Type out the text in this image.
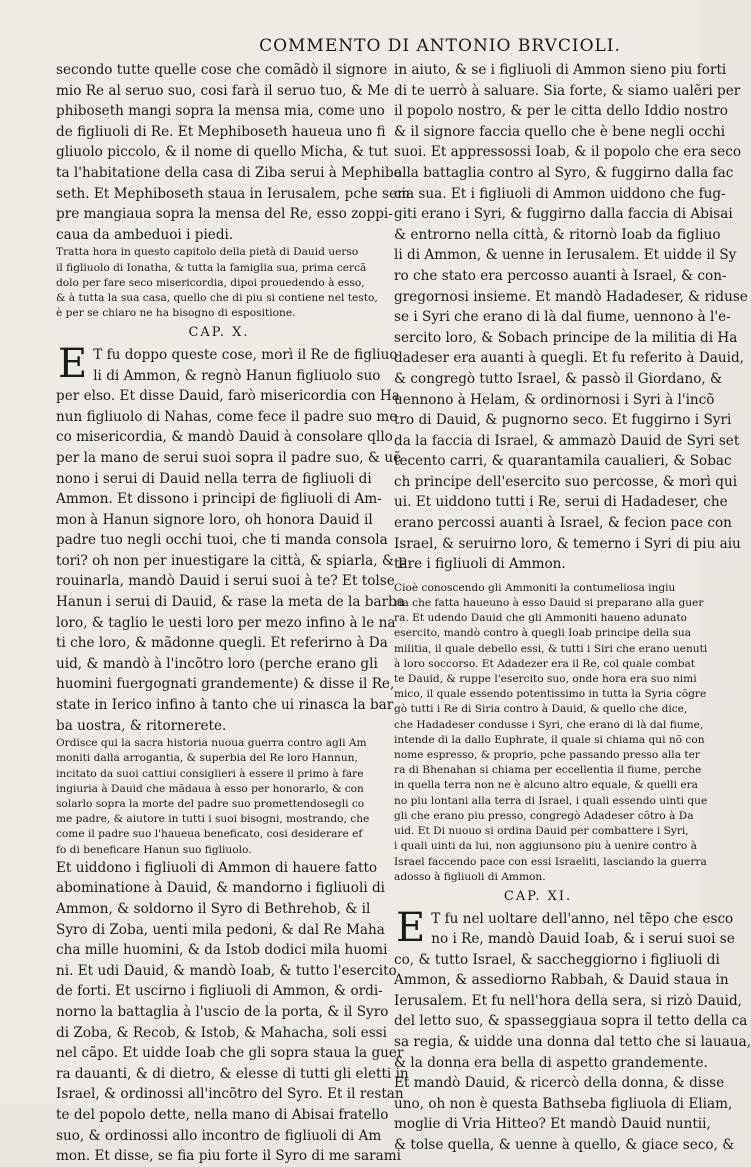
COMMENTO DI ANTONIO BRVCIOLI.
secondo tutte quelle cose che comãdò il signore
mio Re al seruo suo, cosi farà il seruo tuo, & Me
phiboseth mangi sopra la mensa mia, come uno
de figliuoli di Re. Et Mephiboseth haueua uno fi
gliuolo piccolo, & il nome di quello Micha, & tut
ta l'habitatione della casa di Ziba serui à Mephibo
seth. Et Mephiboseth staua in Ierusalem, pche sem
pre mangiaua sopra la mensa del Re, esso zoppi-
caua da ambeduoi i piedi.
Tratta hora in questo capitolo della pietà di Dauid uerso
il figliuolo di Ionatha, & tutta la famiglia sua, prima cercã
dolo per fare seco misericordia, dipoi prouedendo à esso,
& à tutta la sua casa, quello che di piu si contiene nel testo,
è per se chiaro ne ha bisogno di espositione.
CAP. X.
E T fu doppo queste cose, morì il Re de figliuo
li di Ammon, & regnò Hanun figliuolo suo
per elso. Et disse Dauid, farò misericordia con Ha
nun figliuolo di Nahas, come fece il padre suo me
co misericordia, & mandò Dauid à consolare qllo
per la mano de serui suoi sopra il padre suo, & uẽ
nono i serui di Dauid nella terra de figliuoli di
Ammon. Et dissono i principi de figliuoli di Am-
mon à Hanun signore loro, oh honora Dauid il
padre tuo negli occhi tuoi, che ti manda consola
tori? oh non per inuestigare la città, & spiarla, & p
rouinarla, mandò Dauid i serui suoi à te? Et tolse
Hanun i serui di Dauid, & rase la meta de la barba
loro, & taglio le uesti loro per mezo infino à le na
ti che loro, & mãdonne quegli. Et referirno à Da
uid, & mandò à l'incõtro loro (perche erano gli
huomini fuergognati grandemente) & disse il Re,
state in Ierico infino à tanto che ui rinasca la bar
ba uostra, & ritornerete.
Ordisce qui la sacra historia nuoua guerra contro agli Am
moniti dalla arrogantia, & superbia del Re loro Hannun,
incitato da suoi cattiui consiglieri à essere il primo à fare
ingiuria à Dauid che mãdaua à esso per honorarlo, & con
solarlo sopra la morte del padre suo promettendosegli co
me padre, & aiutore in tutti i suoi bisogni, mostrando, che
come il padre suo l'haueua beneficato, cosi desiderare ef
fo di beneficare Hanun suo figliuolo.
Et uiddono i figliuoli di Ammon di hauere fatto
abominatione à Dauid, & mandorno i figliuoli di
Ammon, & soldorno il Syro di Bethrehob, & il
Syro di Zoba, uenti mila pedoni, & dal Re Maha
cha mille huomini, & da Istob dodici mila huomi
ni. Et udi Dauid, & mandò Ioab, & tutto l'esercito
de forti. Et uscirno i figliuoli di Ammon, & ordi-
norno la battaglia à l'uscio de la porta, & il Syro
di Zoba, & Recob, & Istob, & Mahacha, soli essi
nel cãpo. Et uidde Ioab che gli sopra staua la guer
ra dauanti, & di dietro, & elesse di tutti gli eletti in
Israel, & ordinossi all'incõtro del Syro. Et il restan
te del popolo dette, nella mano di Abisai fratello
suo, & ordinossi allo incontro de figliuoli di Am
mon. Et disse, se fia piu forte il Syro di me sarami
in aiuto, & se i figliuoli di Ammon sieno piu forti
di te uerrò à saluare. Sia forte, & siamo ualẽri per
il popolo nostro, & per le citta dello Iddio nostro
& il signore faccia quello che è bene negli occhi
suoi. Et appressossi Ioab, & il popolo che era seco
alla battaglia contro al Syro, & fuggirno dalla fac
cia sua. Et i figliuoli di Ammon uiddono che fug-
giti erano i Syri, & fuggirno dalla faccia di Abisai
& entrorno nella città, & ritornò Ioab da figliuo
li di Ammon, & uenne in Ierusalem. Et uidde il Sy
ro che stato era percosso auanti à Israel, & con-
gregornosi insieme. Et mandò Hadadeser, & riduse
se i Syri che erano di là dal fiume, uennono à l'e-
sercito loro, & Sobach principe de la militia di Ha
dadeser era auanti à quegli. Et fu referito à Dauid,
& congregò tutto Israel, & passò il Giordano, &
uennono à Helam, & ordinornosi i Syri à l'incõ
tro di Dauid, & pugnorno seco. Et fuggirno i Syri
da la faccia di Israel, & ammazò Dauid de Syri set
tecento carri, & quarantamila caualieri, & Sobac
ch principe dell'esercito suo percosse, & morì qui
ui. Et uiddono tutti i Re, serui di Hadadeser, che
erano percossi auanti à Israel, & fecion pace con
Israel, & seruirno loro, & temerno i Syri di piu aiu
tare i figliuoli di Ammon.
Cioè conoscendo gli Ammoniti la contumeliosa ingiu
ria che fatta haueuno à esso Dauid si preparano alla guer
ra. Et udendo Dauid che gli Ammoniti haueno adunato
esercito, mandò contro à quegli Ioab principe della sua
militia, il quale debello essi, & tutti i Siri che erano uenuti
à loro soccorso. Et Adadezer era il Re, col quale combat
te Dauid, & ruppe l'esercito suo, onde hora era suo nimi
mico, il quale essendo potentissimo in tutta la Syria cõgre
gò tutti i Re di Siria contro à Dauid, & quello che dice,
che Hadadeser condusse i Syri, che erano di là dal fiume,
intende di la dallo Euphrate, il quale si chiama qui nõ con
nome espresso, & proprio, pche passando presso alla ter
ra di Bhenahan si chiama per eccellentia il fiume, perche
in quella terra non ne è alcuno altro equale, & quelli era
no piu lontani alla terra di Israel, i quali essendo uinti que
gli che erano piu presso, congregò Adadeser cõtro à Da
uid. Et Di nuouo si ordina Dauid per combattere i Syri,
i quali uinti da lui, non aggiunsono piu à uenire contro à
Israel faccendo pace con essi Israeliti, lasciando la guerra
adosso à figliuoli di Ammon.
CAP. XI.
E T fu nel uoltare dell'anno, nel tẽpo che esco
no i Re, mandò Dauid Ioab, & i serui suoi se
co, & tutto Israel, & saccheggiorno i figliuoli di
Ammon, & assediorno Rabbah, & Dauid staua in
Ierusalem. Et fu nell'hora della sera, si rizò Dauid,
del letto suo, & spasseggiaua sopra il tetto della ca
sa regia, & uidde una donna dal tetto che si lauaua,
& la donna era bella di aspetto grandemente.
Et mandò Dauid, & ricercò della donna, & disse
uno, oh non è questa Bathseba figliuola di Eliam,
moglie di Vria Hitteo? Et mandò Dauid nuntii,
& tolse quella, & uenne à quello, & giace seco, &
